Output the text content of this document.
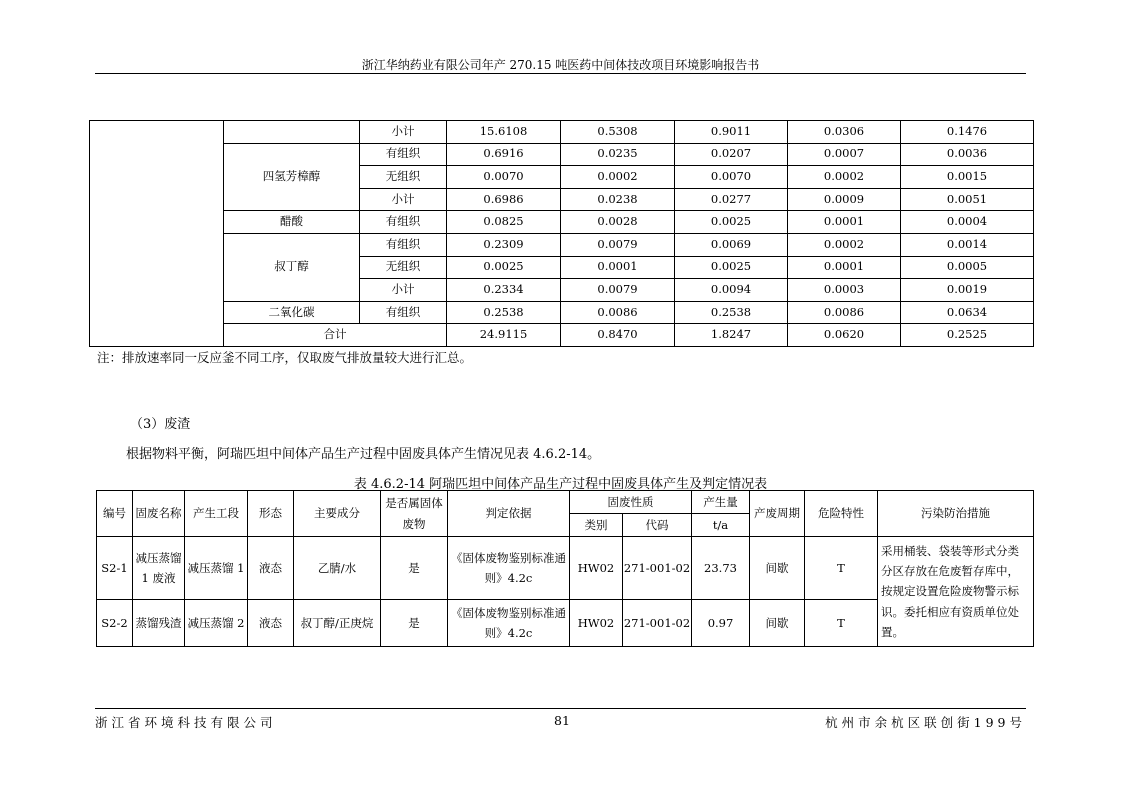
浙江华纳药业有限公司年产 270.15 吨医药中间体技改项目环境影响报告书
		小计	15.6108	0.5308	0.9011	0.0306	0.1476
	四氢芳樟醇	有组织	0.6916	0.0235	0.0207	0.0007	0.0036
		无组织	0.0070	0.0002	0.0070	0.0002	0.0015
		小计	0.6986	0.0238	0.0277	0.0009	0.0051
	醋酸	有组织	0.0825	0.0028	0.0025	0.0001	0.0004
	叔丁醇	有组织	0.2309	0.0079	0.0069	0.0002	0.0014
		无组织	0.0025	0.0001	0.0025	0.0001	0.0005
		小计	0.2334	0.0079	0.0094	0.0003	0.0019
	二氧化碳	有组织	0.2538	0.0086	0.2538	0.0086	0.0634
	合计		24.9115	0.8470	1.8247	0.0620	0.2525
注：排放速率同一反应釜不同工序，仅取废气排放量较大进行汇总。
（3）废渣
根据物料平衡，阿瑞匹坦中间体产品生产过程中固废具体产生情况见表 4.6.2-14。
表 4.6.2-14 阿瑞匹坦中间体产品生产过程中固废具体产生及判定情况表
编号	固废名称	产生工段	形态	主要成分	是否属固体废物	判定依据	固废性质		产生量	产废周期	危险特性	污染防治措施
							类别	代码	t/a			
S2-1	减压蒸馏 1 废液	减压蒸馏 1	液态	乙腈/水	是	《固体废物鉴别标准通则》4.2c	HW02	271-001-02	23.73	间歇	T	采用桶装、袋装等形式分类分区存放在危废暂存库中，按规定设置危险废物警示标识。委托相应有资质单位处置。
S2-2	蒸馏残渣	减压蒸馏 2	液态	叔丁醇/正庚烷	是	《固体废物鉴别标准通则》4.2c	HW02	271-001-02	0.97	间歇	T	
浙江省环境科技有限公司	81	杭州市余杭区联创街199号
